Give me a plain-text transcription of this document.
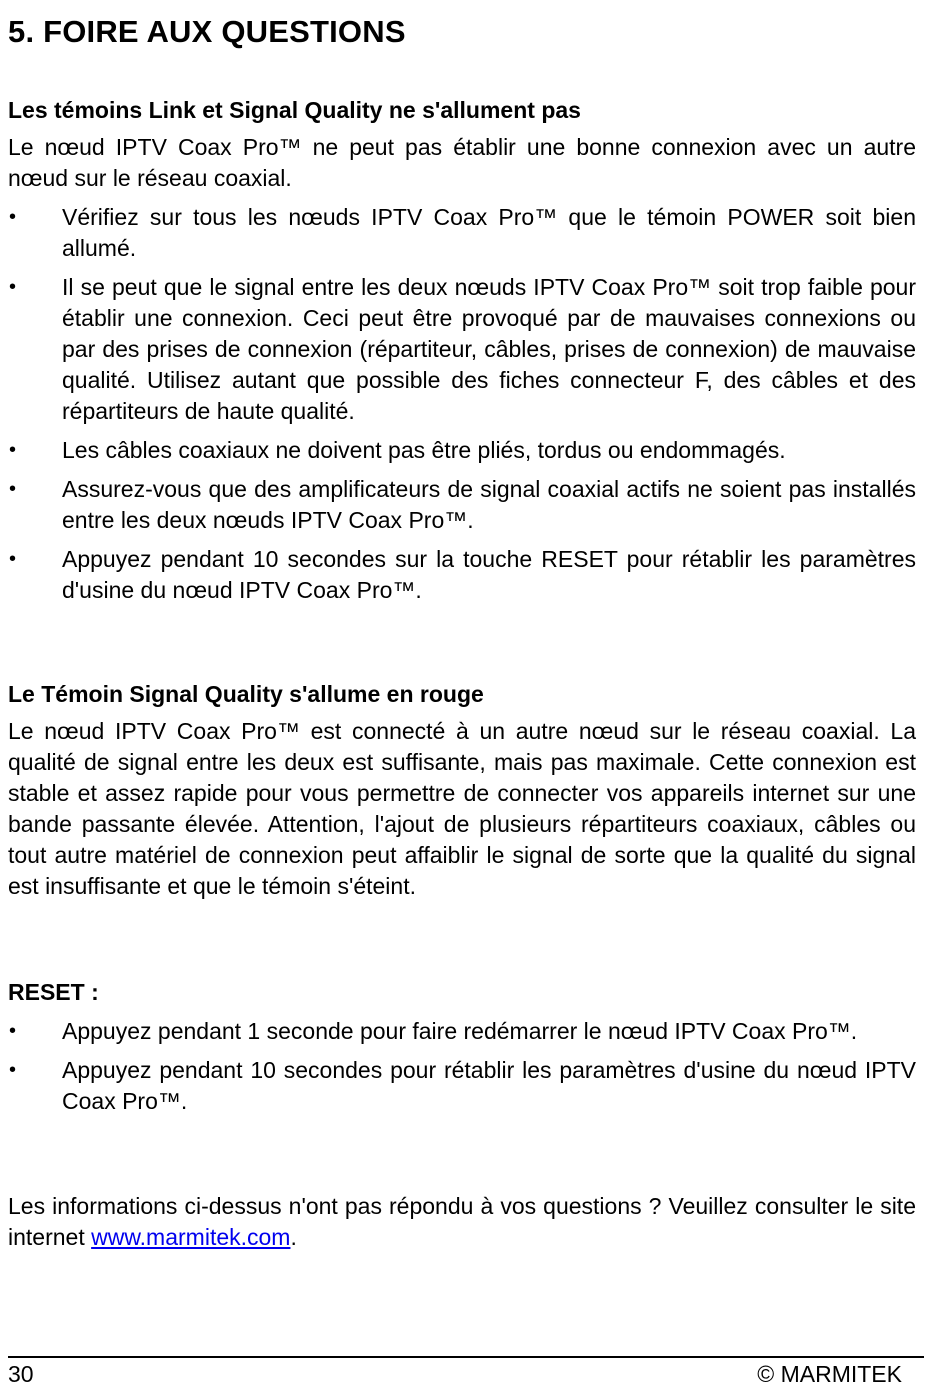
5. FOIRE AUX QUESTIONS
Les témoins Link et Signal Quality ne s'allument pas

Le nœud IPTV Coax Pro™ ne peut pas établir une bonne connexion avec un autre nœud sur le réseau coaxial.

• Vérifiez sur tous les nœuds IPTV Coax Pro™ que le témoin POWER soit bien allumé.
• Il se peut que le signal entre les deux nœuds IPTV Coax Pro™ soit trop faible pour établir une connexion. Ceci peut être provoqué par de mauvaises connexions ou par des prises de connexion (répartiteur, câbles, prises de connexion) de mauvaise qualité. Utilisez autant que possible des fiches connecteur F, des câbles et des répartiteurs de haute qualité.
• Les câbles coaxiaux ne doivent pas être pliés, tordus ou endommagés.
• Assurez-vous que des amplificateurs de signal coaxial actifs ne soient pas installés entre les deux nœuds IPTV Coax Pro™.
• Appuyez pendant 10 secondes sur la touche RESET pour rétablir les paramètres d'usine du nœud IPTV Coax Pro™.
Le Témoin Signal Quality s'allume en rouge

Le nœud IPTV Coax Pro™ est connecté à un autre nœud sur le réseau coaxial. La qualité de signal entre les deux est suffisante, mais pas maximale. Cette connexion est stable et assez rapide pour vous permettre de connecter vos appareils internet sur une bande passante élevée. Attention, l'ajout de plusieurs répartiteurs coaxiaux, câbles ou tout autre matériel de connexion peut affaiblir le signal de sorte que la qualité du signal est insuffisante et que le témoin s'éteint.

RESET :
• Appuyez pendant 1 seconde pour faire redémarrer le nœud IPTV Coax Pro™.
• Appuyez pendant 10 secondes pour rétablir les paramètres d'usine du nœud IPTV Coax Pro™.

Les informations ci-dessus n'ont pas répondu à vos questions ? Veuillez consulter le site internet www.marmitek.com.

30	© MARMITEK
